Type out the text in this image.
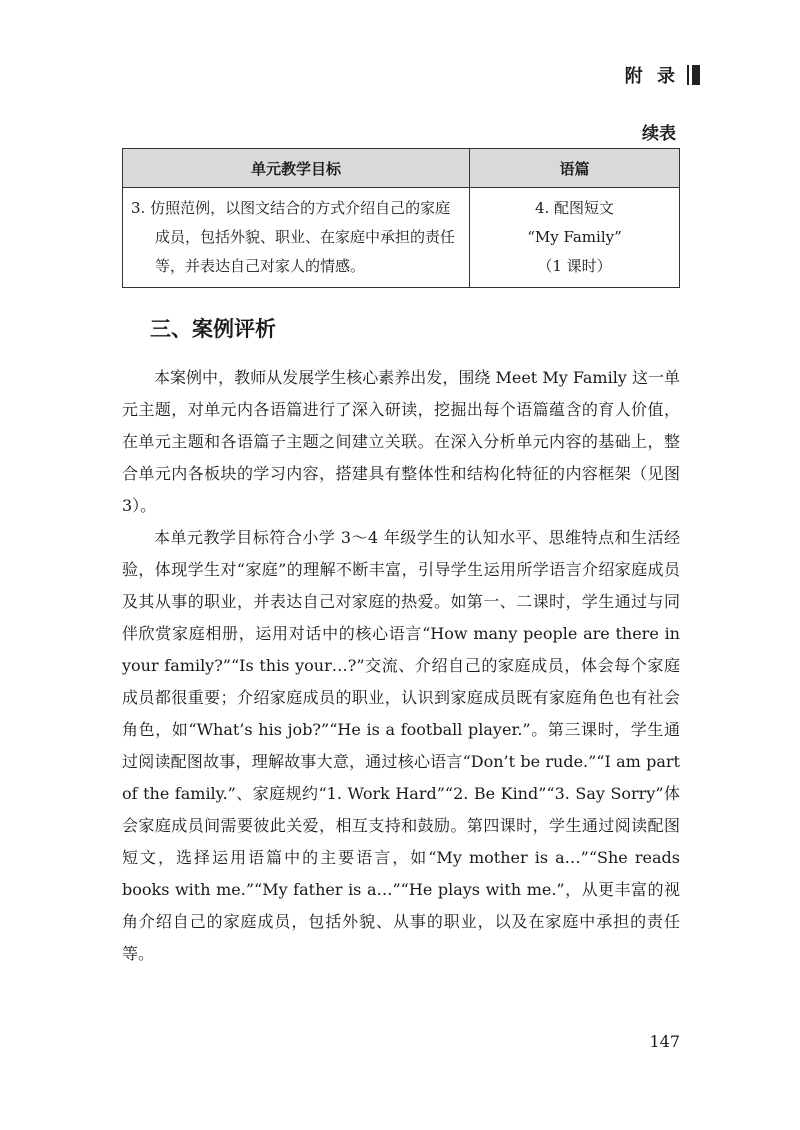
附 录
续表
单元教学目标	语篇

3. 仿照范例，以图文结合的方式介绍自己的家庭成员，包括外貌、职业、在家庭中承担的责任等，并表达自己对家人的情感。	4. 配图短文
“My Family”
（1 课时）
三、案例评析

本案例中，教师从发展学生核心素养出发，围绕 Meet My Family 这一单元主题，对单元内各语篇进行了深入研读，挖掘出每个语篇蕴含的育人价值，在单元主题和各语篇子主题之间建立关联。在深入分析单元内容的基础上，整合单元内各板块的学习内容，搭建具有整体性和结构化特征的内容框架（见图 3）。

本单元教学目标符合小学 3～4 年级学生的认知水平、思维特点和生活经验，体现学生对“家庭”的理解不断丰富，引导学生运用所学语言介绍家庭成员及其从事的职业，并表达自己对家庭的热爱。如第一、二课时，学生通过与同伴欣赏家庭相册，运用对话中的核心语言“How many people are there in your family?”“Is this your…?”交流、介绍自己的家庭成员，体会每个家庭成员都很重要；介绍家庭成员的职业，认识到家庭成员既有家庭角色也有社会角色，如“What’s his job?”“He is a football player.”。第三课时，学生通过阅读配图故事，理解故事大意，通过核心语言“Don’t be rude.”“I am part of the family.”、家庭规约“1. Work Hard”“2. Be Kind”“3. Say Sorry”体会家庭成员间需要彼此关爱，相互支持和鼓励。第四课时，学生通过阅读配图短文，选择运用语篇中的主要语言，如“My mother is a…”“She reads books with me.”“My father is a…”“He plays with me.”，从更丰富的视角介绍自己的家庭成员，包括外貌、从事的职业，以及在家庭中承担的责任等。

147
